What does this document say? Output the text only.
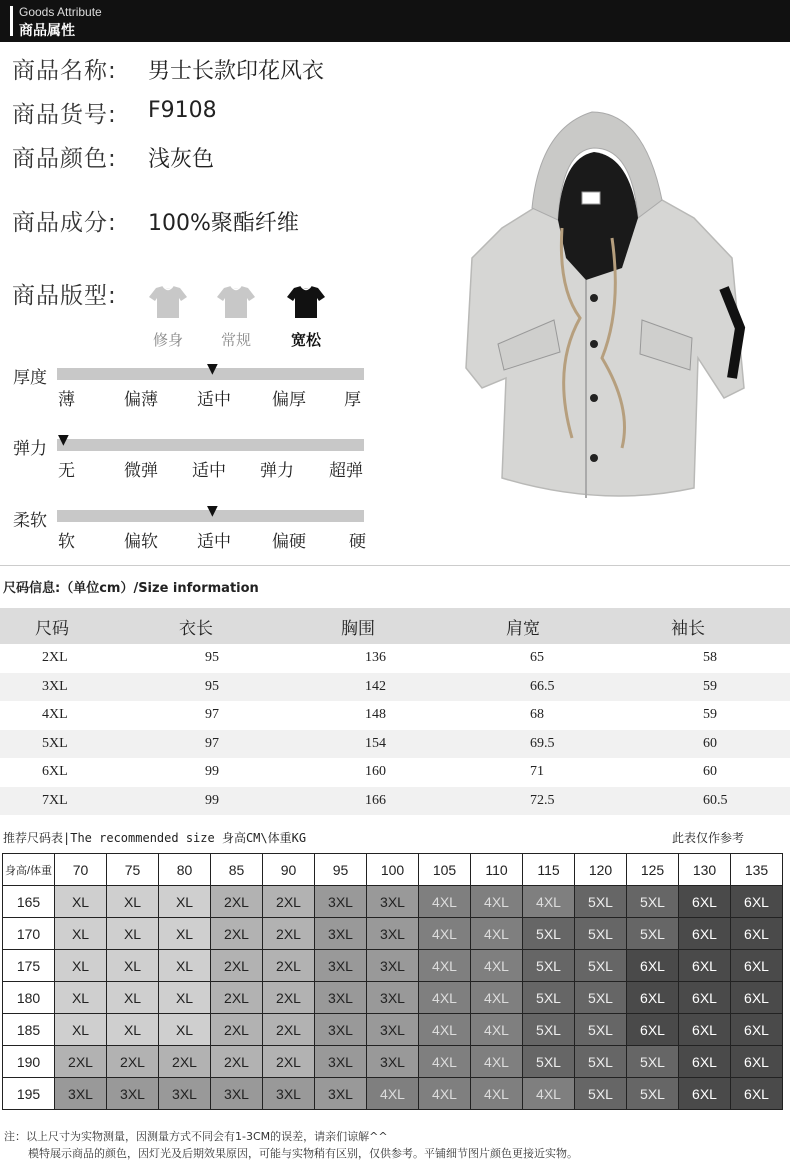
Goods Attribute
商品属性
商品名称: 男士长款印花风衣
商品货号: F9108
商品颜色: 浅灰色
商品成分: 100%聚酯纤维
商品版型:
修身	常规	宽松
厚度	▼
薄	偏薄 适中 偏厚 厚
弹力 ▼
无	微弹 适中 弹力 超弹
柔软	▼
软	偏软 适中 偏硬	硬
尺码信息:（单位cm）/Size information
尺码	衣长	胸围	肩宽	袖长
2XL	95	136	65	58
3XL	95	142	66.5	59
4XL	97	148	68	59
5XL	97	154	69.5	60
6XL	99	160	71	60
7XL	99	166	72.5	60.5
推荐尺码表|The recommended size 身高CM\体重KG	此表仅作参考
身高/体重	70	75	80	85	90	95	100	105	110	115	120	125	130	135
165	XL	XL	XL	2XL	2XL	3XL	3XL	4XL	4XL	4XL	5XL	5XL	6XL	6XL
170	XL	XL	XL	2XL	2XL	3XL	3XL	4XL	4XL	5XL	5XL	5XL	6XL	6XL
175	XL	XL	XL	2XL	2XL	3XL	3XL	4XL	4XL	5XL	5XL	6XL	6XL	6XL
180	XL	XL	XL	2XL	2XL	3XL	3XL	4XL	4XL	5XL	5XL	6XL	6XL	6XL
185	XL	XL	XL	2XL	2XL	3XL	3XL	4XL	4XL	5XL	5XL	6XL	6XL	6XL
190	2XL	2XL	2XL	2XL	2XL	3XL	3XL	4XL	4XL	5XL	5XL	5XL	6XL	6XL
195	3XL	3XL	3XL	3XL	3XL	3XL	4XL	4XL	4XL	4XL	5XL	5XL	6XL	6XL
注：以上尺寸为实物测量，因测量方式不同会有1-3CM的误差，请亲们谅解^^
模特展示商品的颜色，因灯光及后期效果原因，可能与实物稍有区别，仅供参考。平铺细节图片颜色更接近实物。
